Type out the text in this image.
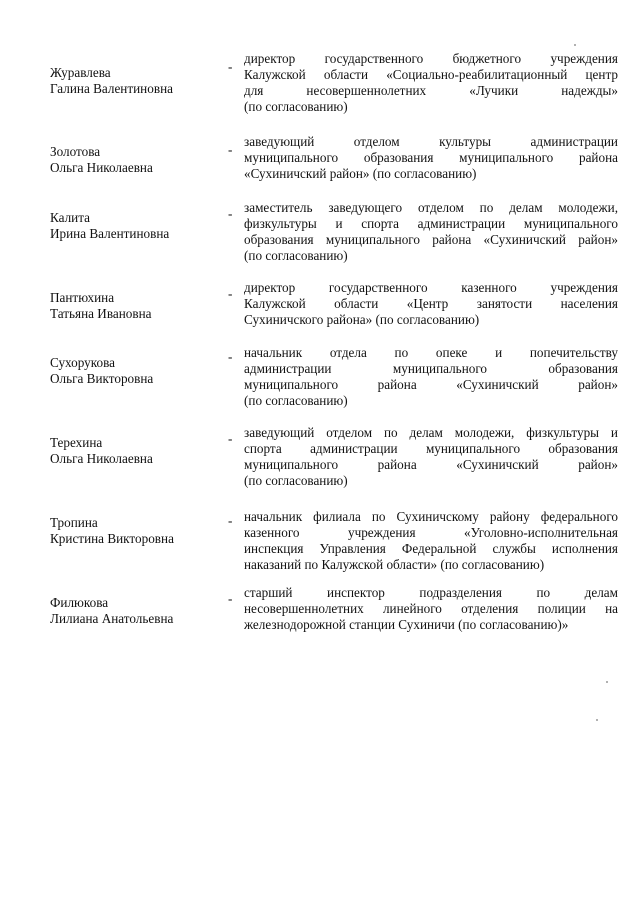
Журавлева
Галина Валентиновна
-
директор государственного бюджетного учреждения
Калужской области «Социально-реабилитационный центр
для несовершеннолетних «Лучики надежды»
(по согласованию)
Золотова
Ольга Николаевна
-
заведующий отделом культуры администрации
муниципального образования муниципального района
«Сухиничский район» (по согласованию)
Калита
Ирина Валентиновна
- заместитель заведующего отделом по делам молодежи,
физкультуры и спорта администрации муниципального
образования муниципального района «Сухиничский район»
(по согласованию)
Пантюхина
Татьяна Ивановна
- директор государственного казенного учреждения
Калужской области «Центр занятости населения
Сухиничского района» (по согласованию)
Сухорукова
Ольга Викторовна
- начальник отдела по опеке и попечительству
администрации муниципального образования
муниципального района «Сухиничский район»
(по согласованию)
Терехина
Ольга Николаевна
- заведующий отделом по делам молодежи, физкультуры и
спорта администрации муниципального образования
муниципального района «Сухиничский район»
(по согласованию)
Тропина
Кристина Викторовна
- начальник филиала по Сухиничскому району федерального
казенного учреждения «Уголовно-исполнительная
инспекция Управления Федеральной службы исполнения
наказаний по Калужской области» (по согласованию)
Филюкова
Лилиана Анатольевна
- старший инспектор подразделения по делам
несовершеннолетних линейного отделения полиции на
железнодорожной станции Сухиничи (по согласованию)»
